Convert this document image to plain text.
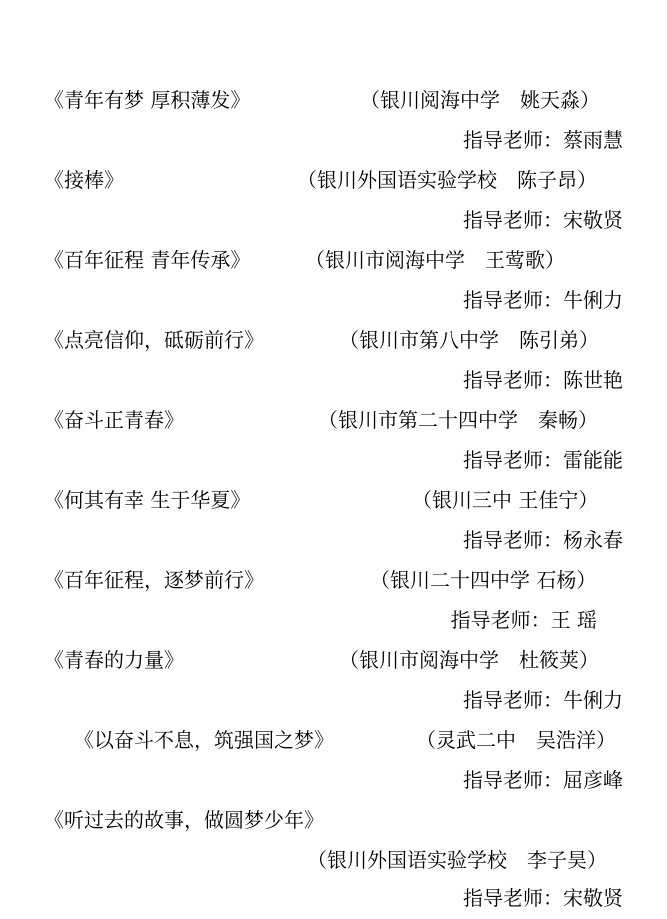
《青年有梦 厚积薄发》	（银川阅海中学　姚天淼）
指导老师：蔡雨慧
《接棒》	（银川外国语实验学校　陈子昂）
指导老师：宋敬贤
《百年征程 青年传承》	（银川市阅海中学　王莺歌）
指导老师：牛俐力
《点亮信仰，砥砺前行》	（银川市第八中学　陈引弟）
指导老师：陈世艳
《奋斗正青春》	（银川市第二十四中学　秦畅）
指导老师：雷能能
《何其有幸 生于华夏》	（银川三中 王佳宁）
指导老师：杨永春
《百年征程，逐梦前行》	（银川二十四中学 石杨）
指导老师：王 瑶
《青春的力量》	（银川市阅海中学　杜筱荚）
指导老师：牛俐力
《以奋斗不息，筑强国之梦》	（灵武二中　吴浩洋）
指导老师：屈彦峰
《听过去的故事，做圆梦少年》
（银川外国语实验学校　李子昊）
指导老师：宋敬贤
